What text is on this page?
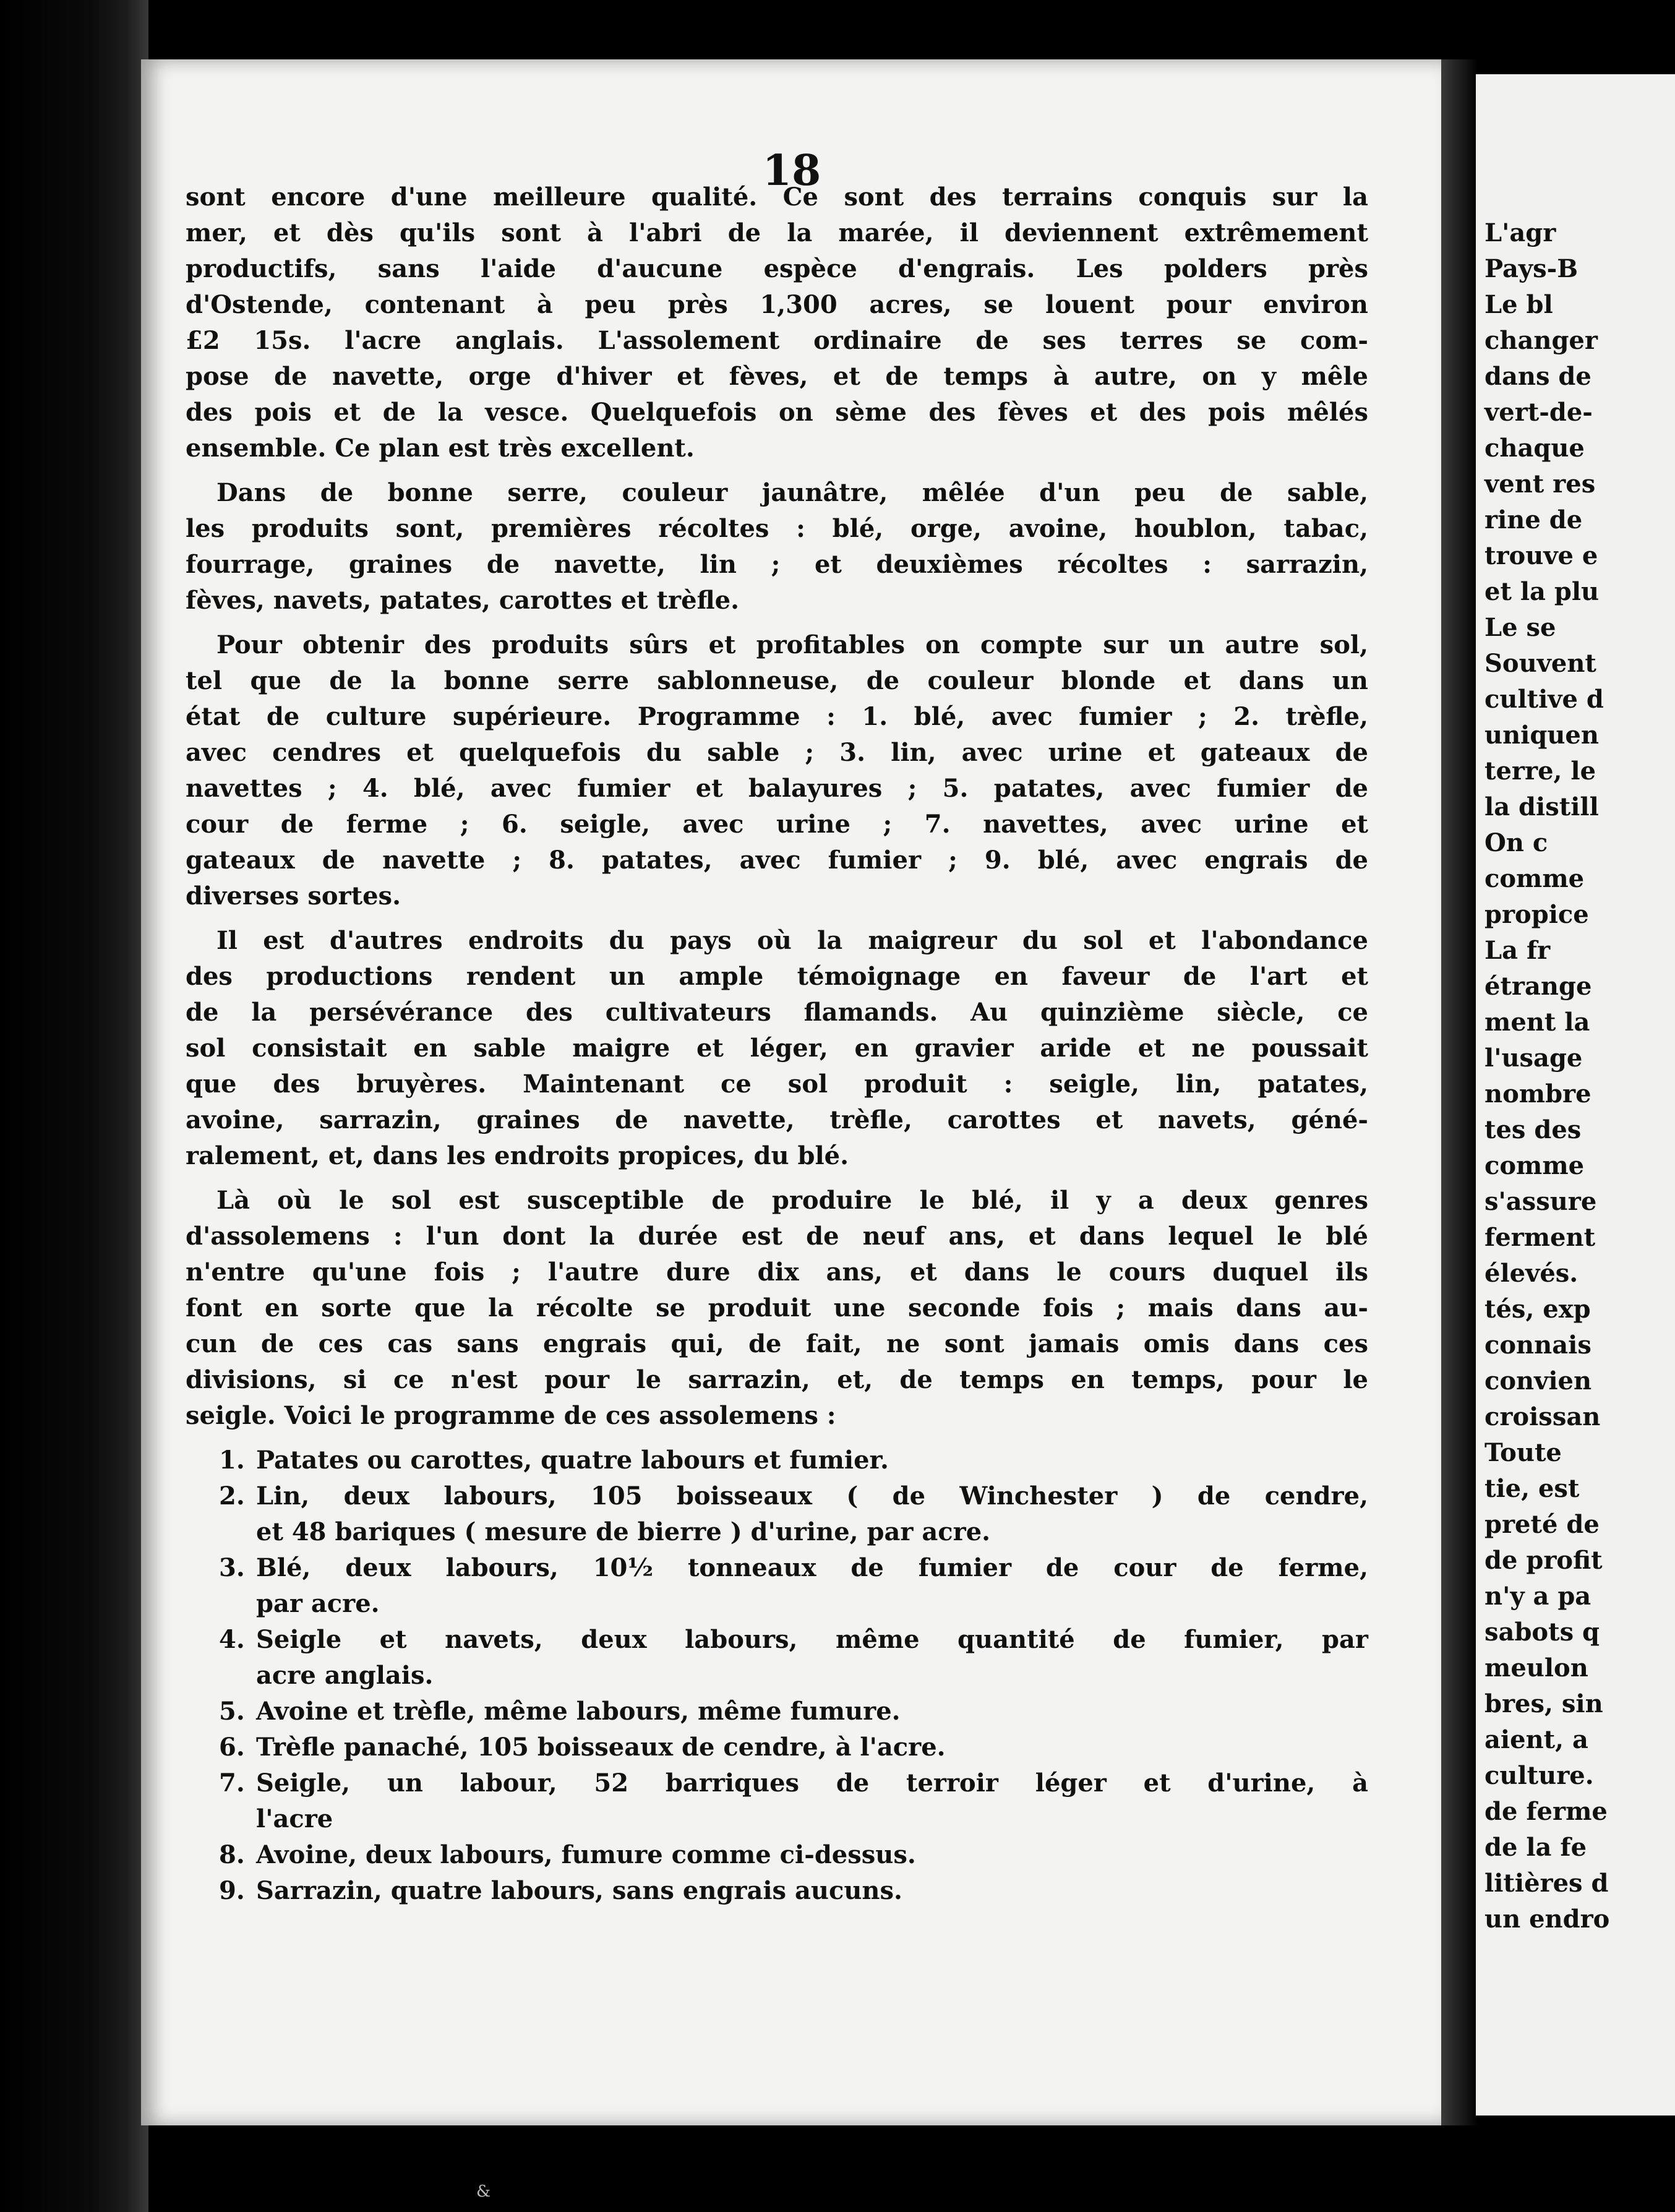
18

sont encore d'une meilleure qualité. Ce sont des terrains conquis sur la
mer, et dès qu'ils sont à l'abri de la marée, il deviennent extrêmement
productifs, sans l'aide d'aucune espèce d'engrais. Les polders près
d'Ostende, contenant à peu près 1,300 acres, se louent pour environ
£2 15s. l'acre anglais. L'assolement ordinaire de ses terres se com-
pose de navette, orge d'hiver et fèves, et de temps à autre, on y mêle
des pois et de la vesce. Quelquefois on sème des fèves et des pois mêlés
ensemble. Ce plan est très excellent.

Dans de bonne serre, couleur jaunâtre, mêlée d'un peu de sable,
les produits sont, premières récoltes : blé, orge, avoine, houblon, tabac,
fourrage, graines de navette, lin ; et deuxièmes récoltes : sarrazin,
fèves, navets, patates, carottes et trèfle.

Pour obtenir des produits sûrs et profitables on compte sur un autre sol,
tel que de la bonne serre sablonneuse, de couleur blonde et dans un
état de culture supérieure. Programme : 1. blé, avec fumier ; 2. trèfle,
avec cendres et quelquefois du sable ; 3. lin, avec urine et gateaux de
navettes ; 4. blé, avec fumier et balayures ; 5. patates, avec fumier de
cour de ferme ; 6. seigle, avec urine ; 7. navettes, avec urine et
gateaux de navette ; 8. patates, avec fumier ; 9. blé, avec engrais de
diverses sortes.

Il est d'autres endroits du pays où la maigreur du sol et l'abondance
des productions rendent un ample témoignage en faveur de l'art et
de la persévérance des cultivateurs flamands. Au quinzième siècle, ce
sol consistait en sable maigre et léger, en gravier aride et ne poussait
que des bruyères. Maintenant ce sol produit : seigle, lin, patates,
avoine, sarrazin, graines de navette, trèfle, carottes et navets, géné-
ralement, et, dans les endroits propices, du blé.

Là où le sol est susceptible de produire le blé, il y a deux genres
d'assolemens : l'un dont la durée est de neuf ans, et dans lequel le blé
n'entre qu'une fois ; l'autre dure dix ans, et dans le cours duquel ils
font en sorte que la récolte se produit une seconde fois ; mais dans au-
cun de ces cas sans engrais qui, de fait, ne sont jamais omis dans ces
divisions, si ce n'est pour le sarrazin, et, de temps en temps, pour le
seigle. Voici le programme de ces assolemens :

1. Patates ou carottes, quatre labours et fumier.
2. Lin, deux labours, 105 boisseaux ( de Winchester ) de cendre,
et 48 bariques ( mesure de bierre ) d'urine, par acre.
3. Blé, deux labours, 10½ tonneaux de fumier de cour de ferme,
par acre.
4. Seigle et navets, deux labours, même quantité de fumier, par
acre anglais.
5. Avoine et trèfle, même labours, même fumure.
6. Trèfle panaché, 105 boisseaux de cendre, à l'acre.
7. Seigle, un labour, 52 barriques de terroir léger et d'urine, à
l'acre
8. Avoine, deux labours, fumure comme ci-dessus.
9. Sarrazin, quatre labours, sans engrais aucuns.
L'agr
Pays-B
Le bl
changer
dans de
vert-de-
chaque
vent res
rine de
trouve e
et la plu
Le se
Souvent
cultive d
uniquen
terre, le
la distill
On c
comme
propice
La fr
étrange
ment la
l'usage
nombre
tes des
comme
s'assure
ferment
élevés.
tés, exp
connais
convien
croissan
Toute
tie, est
preté de
de profit
n'y a pa
sabots q
meulon
bres, sin
aient, a
culture.
de ferme
de la fe
litières d
un endro
&
